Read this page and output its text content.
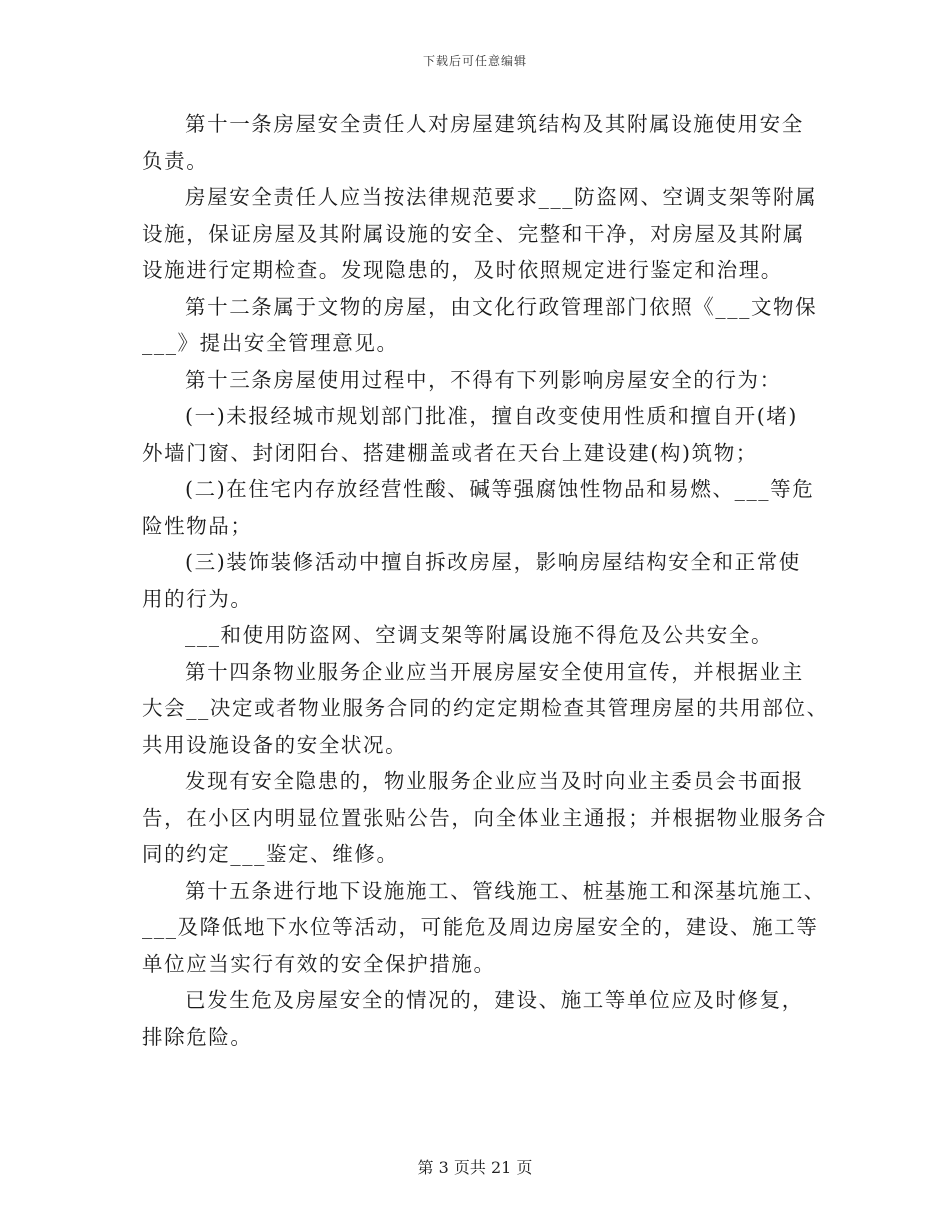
下载后可任意编辑
第十一条房屋安全责任人对房屋建筑结构及其附属设施使用安全
负责。
房屋安全责任人应当按法律规范要求___防盗网、空调支架等附属
设施，保证房屋及其附属设施的安全、完整和干净，对房屋及其附属
设施进行定期检查。发现隐患的，及时依照规定进行鉴定和治理。
第十二条属于文物的房屋，由文化行政管理部门依照《___文物保
___》提出安全管理意见。
第十三条房屋使用过程中，不得有下列影响房屋安全的行为：
(一)未报经城市规划部门批准，擅自改变使用性质和擅自开(堵)
外墙门窗、封闭阳台、搭建棚盖或者在天台上建设建(构)筑物；
(二)在住宅内存放经营性酸、碱等强腐蚀性物品和易燃、___等危
险性物品；
(三)装饰装修活动中擅自拆改房屋，影响房屋结构安全和正常使
用的行为。
___和使用防盗网、空调支架等附属设施不得危及公共安全。
第十四条物业服务企业应当开展房屋安全使用宣传，并根据业主
大会__决定或者物业服务合同的约定定期检查其管理房屋的共用部位、
共用设施设备的安全状况。
发现有安全隐患的，物业服务企业应当及时向业主委员会书面报
告，在小区内明显位置张贴公告，向全体业主通报；并根据物业服务合
同的约定___鉴定、维修。
第十五条进行地下设施施工、管线施工、桩基施工和深基坑施工、
___及降低地下水位等活动，可能危及周边房屋安全的，建设、施工等
单位应当实行有效的安全保护措施。
已发生危及房屋安全的情况的，建设、施工等单位应及时修复，
排除危险。
第 3 页共 21 页
